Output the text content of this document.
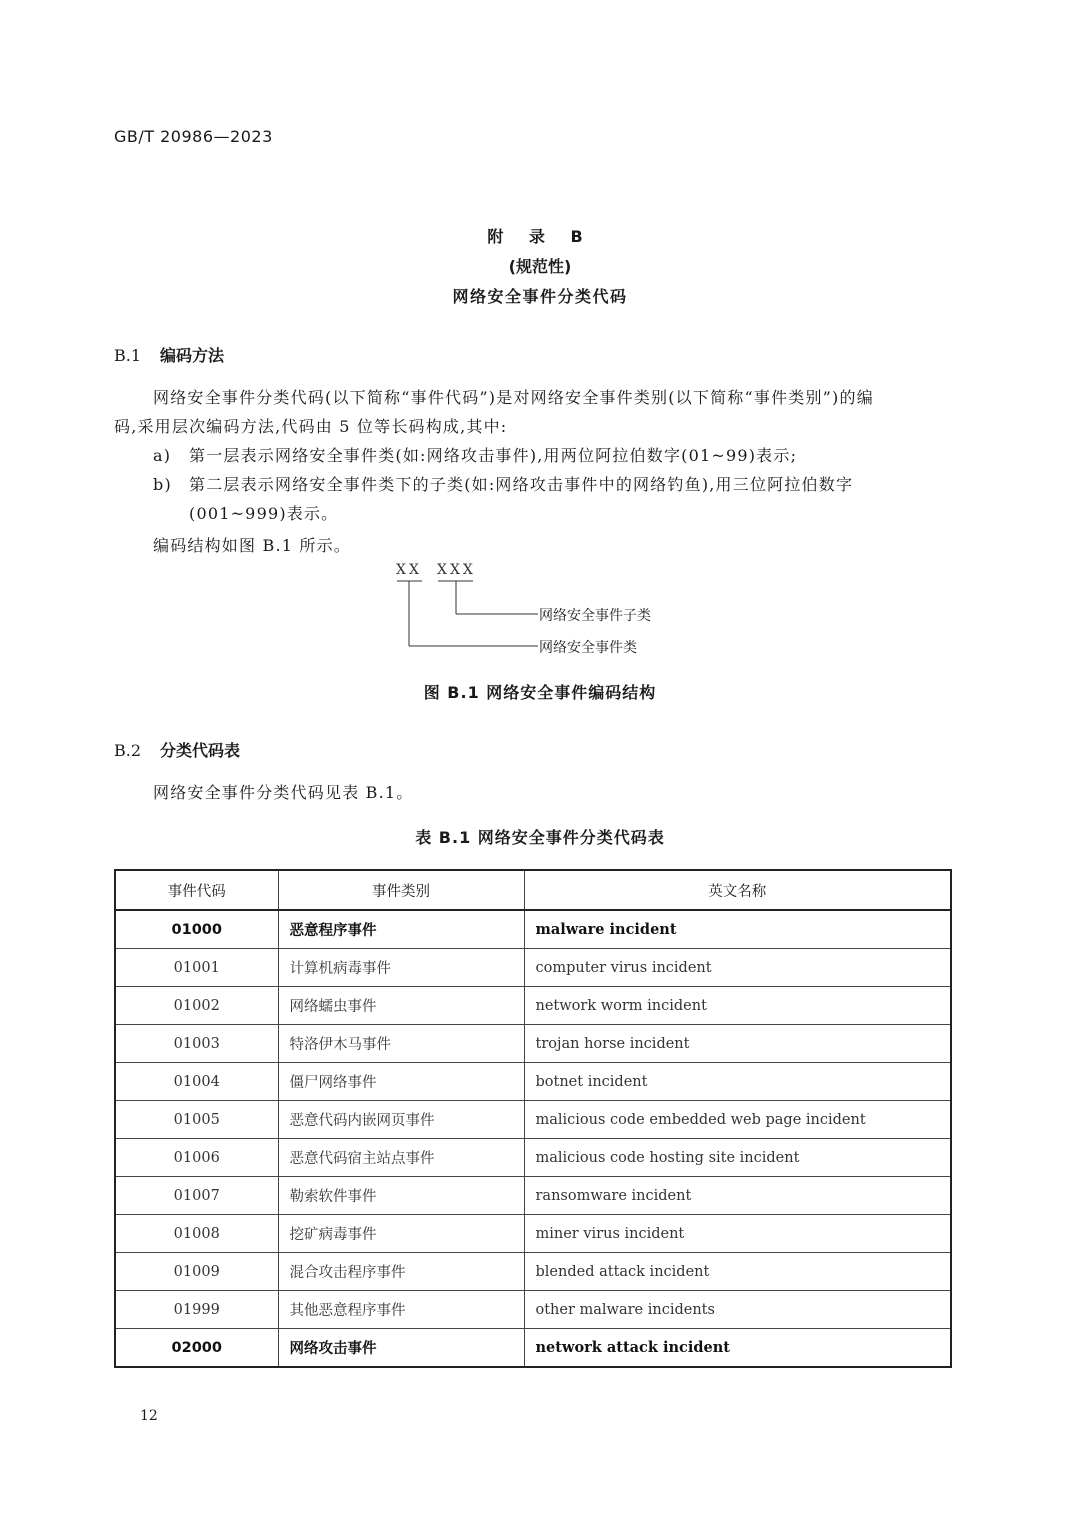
GB/T 20986—2023
附 录 B
(规范性)
网络安全事件分类代码
B.1 编码方法
网络安全事件分类代码(以下简称“事件代码”)是对网络安全事件类别(以下简称“事件类别”)的编
码,采用层次编码方法,代码由 5 位等长码构成,其中:
a) 第一层表示网络安全事件类(如:网络攻击事件),用两位阿拉伯数字(01~99)表示;
b) 第二层表示网络安全事件类下的子类(如:网络攻击事件中的网络钓鱼),用三位阿拉伯数字
(001~999)表示。
编码结构如图 B.1 所示。
XX XXX
网络安全事件子类
网络安全事件类
图 B.1 网络安全事件编码结构
B.2 分类代码表
网络安全事件分类代码见表 B.1。
表 B.1 网络安全事件分类代码表
事件代码	事件类别	英文名称
01000	恶意程序事件	malware incident
01001	计算机病毒事件	computer virus incident
01002	网络蠕虫事件	network worm incident
01003	特洛伊木马事件	trojan horse incident
01004	僵尸网络事件	botnet incident
01005	恶意代码内嵌网页事件	malicious code embedded web page incident
01006	恶意代码宿主站点事件	malicious code hosting site incident
01007	勒索软件事件	ransomware incident
01008	挖矿病毒事件	miner virus incident
01009	混合攻击程序事件	blended attack incident
01999	其他恶意程序事件	other malware incidents
02000	网络攻击事件	network attack incident
12
